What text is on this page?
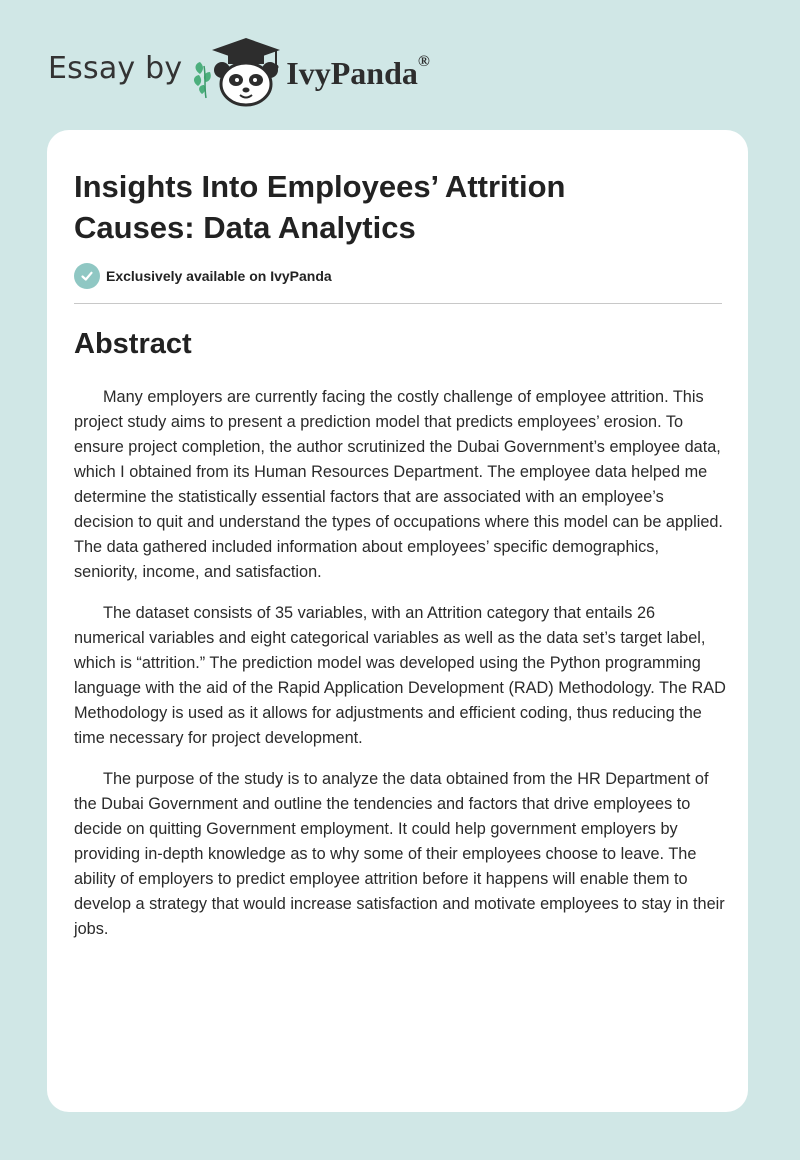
Essay by	IvyPanda®
Insights Into Employees’ Attrition Causes: Data Analytics
Exclusively available on IvyPanda
Abstract

Many employers are currently facing the costly challenge of employee attrition. This project study aims to present a prediction model that predicts employees’ erosion. To ensure project completion, the author scrutinized the Dubai Government’s employee data, which I obtained from its Human Resources Department. The employee data helped me determine the statistically essential factors that are associated with an employee’s decision to quit and understand the types of occupations where this model can be applied. The data gathered included information about employees’ specific demographics, seniority, income, and satisfaction.

The dataset consists of 35 variables, with an Attrition category that entails 26 numerical variables and eight categorical variables as well as the data set’s target label, which is “attrition.” The prediction model was developed using the Python programming language with the aid of the Rapid Application Development (RAD) Methodology. The RAD Methodology is used as it allows for adjustments and efficient coding, thus reducing the time necessary for project development.

The purpose of the study is to analyze the data obtained from the HR Department of the Dubai Government and outline the tendencies and factors that drive employees to decide on quitting Government employment. It could help government employers by providing in-depth knowledge as to why some of their employees choose to leave. The ability of employers to predict employee attrition before it happens will enable them to develop a strategy that would increase satisfaction and motivate employees to stay in their jobs.
